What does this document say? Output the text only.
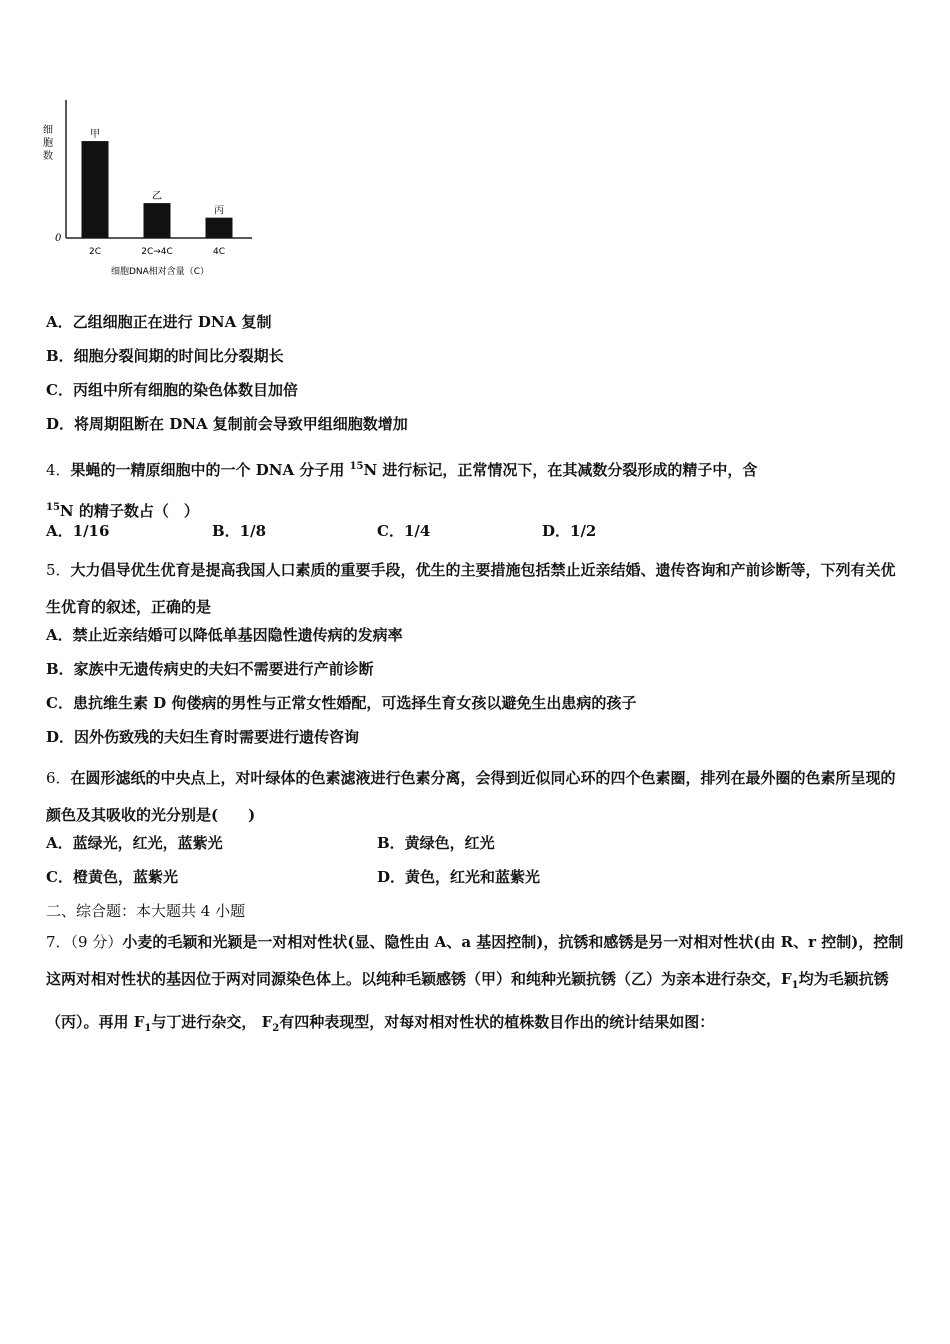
0
细
胞
数
甲
2C
乙
2C→4C
丙
4C
细胞DNA相对含量（C）
A．乙组细胞正在进行 DNA 复制
B．细胞分裂间期的时间比分裂期长
C．丙组中所有细胞的染色体数目加倍
D．将周期阻断在 DNA 复制前会导致甲组细胞数增加
4．果蝇的一精原细胞中的一个 DNA 分子用 $^{15}$N 进行标记，正常情况下，在其减数分裂形成的精子中，含 $^{15}$N 的精子数占（　）
A．1/16	B．1/8	C．1/4	D．1/2
5．大力倡导优生优育是提高我国人口素质的重要手段，优生的主要措施包括禁止近亲结婚、遗传咨询和产前诊断等，下列有关优生优育的叙述，正确的是
A．禁止近亲结婚可以降低单基因隐性遗传病的发病率
B．家族中无遗传病史的夫妇不需要进行产前诊断
C．患抗维生素 D 佝偻病的男性与正常女性婚配，可选择生育女孩以避免生出患病的孩子
D．因外伤致残的夫妇生育时需要进行遗传咨询
6．在圆形滤纸的中央点上，对叶绿体的色素滤液进行色素分离，会得到近似同心环的四个色素圈，排列在最外圈的色素所呈现的颜色及其吸收的光分别是(　　)
A．蓝绿光，红光，蓝紫光	B．黄绿色，红光
C．橙黄色，蓝紫光	D．黄色，红光和蓝紫光
二、综合题：本大题共 4 小题
7．（9 分）小麦的毛颖和光颖是一对相对性状(显、隐性由 A、a 基因控制)，抗锈和感锈是另一对相对性状(由 R、r 控制)，控制这两对相对性状的基因位于两对同源染色体上。以纯种毛颖感锈（甲）和纯种光颖抗锈（乙）为亲本进行杂交，$F_1$均为毛颖抗锈（丙）。再用 $F_1$与丁进行杂交， $F_2$有四种表现型，对每对相对性状的植株数目作出的统计结果如图：
